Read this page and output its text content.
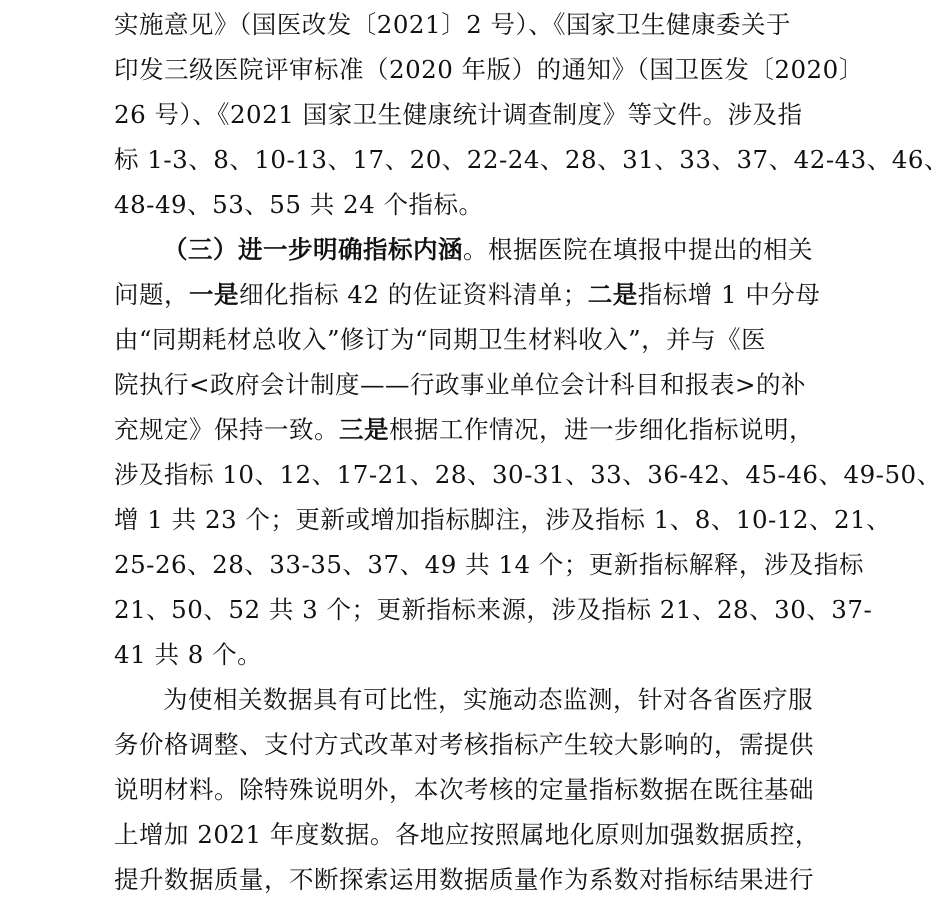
实施意见》（国医改发〔2021〕2 号）、《国家卫生健康委关于
印发三级医院评审标准（2020 年版）的通知》（国卫医发〔2020〕
26 号）、《2021 国家卫生健康统计调查制度》等文件。涉及指
标 1-3、8、10-13、17、20、22-24、28、31、33、37、42-43、46、
48-49、53、55 共 24 个指标。
（三）进一步明确指标内涵。根据医院在填报中提出的相关
问题，一是细化指标 42 的佐证资料清单；二是指标增 1 中分母
由“同期耗材总收入”修订为“同期卫生材料收入”，并与《医
院执行<政府会计制度——行政事业单位会计科目和报表>的补
充规定》保持一致。三是根据工作情况，进一步细化指标说明，
涉及指标 10、12、17-21、28、30-31、33、36-42、45-46、49-50、
增 1 共 23 个；更新或增加指标脚注，涉及指标 1、8、10-12、21、
25-26、28、33-35、37、49 共 14 个；更新指标解释，涉及指标
21、50、52 共 3 个；更新指标来源，涉及指标 21、28、30、37-
41 共 8 个。
为使相关数据具有可比性，实施动态监测，针对各省医疗服
务价格调整、支付方式改革对考核指标产生较大影响的，需提供
说明材料。除特殊说明外，本次考核的定量指标数据在既往基础
上增加 2021 年度数据。各地应按照属地化原则加强数据质控，
提升数据质量，不断探索运用数据质量作为系数对指标结果进行
